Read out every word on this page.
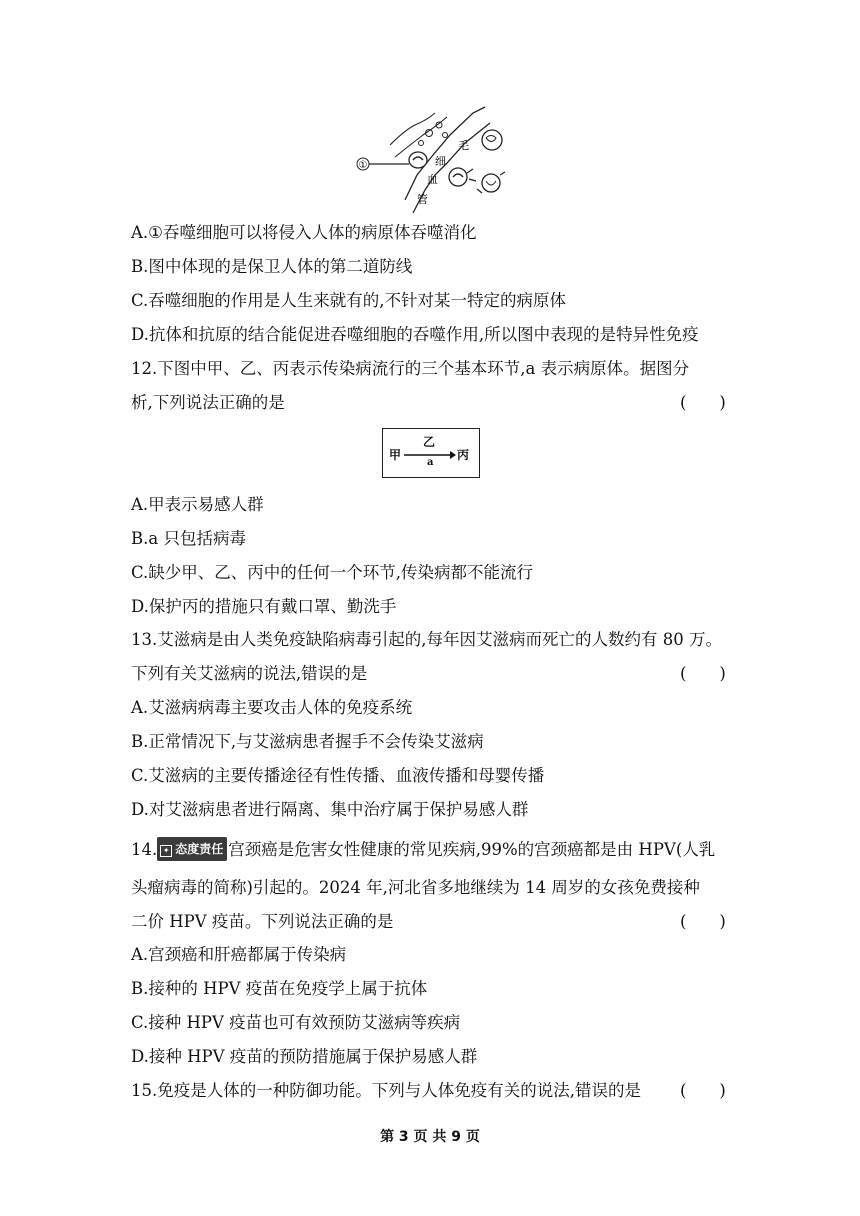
①
毛
细
血
管
A.①吞噬细胞可以将侵入人体的病原体吞噬消化
B.图中体现的是保卫人体的第二道防线
C.吞噬细胞的作用是人生来就有的,不针对某一特定的病原体
D.抗体和抗原的结合能促进吞噬细胞的吞噬作用,所以图中表现的是特异性免疫
12.下图中甲、乙、丙表示传染病流行的三个基本环节,a 表示病原体。据图分
析,下列说法正确的是	(　　)
甲
乙
a
丙
A.甲表示易感人群
B.a 只包括病毒
C.缺少甲、乙、丙中的任何一个环节,传染病都不能流行
D.保护丙的措施只有戴口罩、勤洗手
13.艾滋病是由人类免疫缺陷病毒引起的,每年因艾滋病而死亡的人数约有 80 万。
下列有关艾滋病的说法,错误的是	(　　)
A.艾滋病病毒主要攻击人体的免疫系统
B.正常情况下,与艾滋病患者握手不会传染艾滋病
C.艾滋病的主要传播途径有性传播、血液传播和母婴传播
D.对艾滋病患者进行隔离、集中治疗属于保护易感人群
14. ✦ 态度责任 宫颈癌是危害女性健康的常见疾病,99%的宫颈癌都是由 HPV(人乳
头瘤病毒的简称)引起的。2024 年,河北省多地继续为 14 周岁的女孩免费接种
二价 HPV 疫苗。下列说法正确的是	(　　)
A.宫颈癌和肝癌都属于传染病
B.接种的 HPV 疫苗在免疫学上属于抗体
C.接种 HPV 疫苗也可有效预防艾滋病等疾病
D.接种 HPV 疫苗的预防措施属于保护易感人群
15.免疫是人体的一种防御功能。下列与人体免疫有关的说法,错误的是 (　　)
第 3 页 共 9 页
